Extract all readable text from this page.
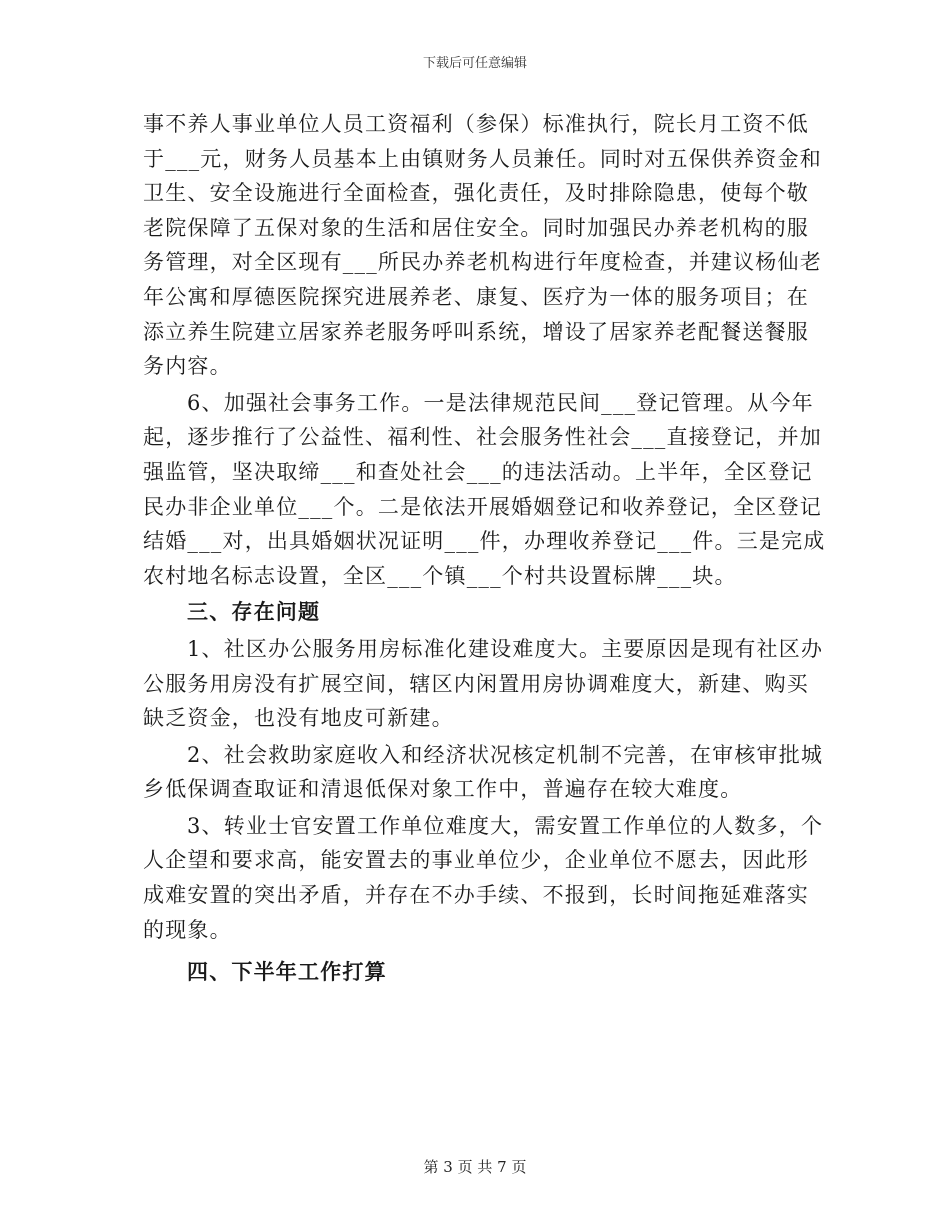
下载后可任意编辑
事不养人事业单位人员工资福利（参保）标准执行，院长月工资不低
于___元，财务人员基本上由镇财务人员兼任。同时对五保供养资金和
卫生、安全设施进行全面检查，强化责任，及时排除隐患，使每个敬
老院保障了五保对象的生活和居住安全。同时加强民办养老机构的服
务管理，对全区现有___所民办养老机构进行年度检查，并建议杨仙老
年公寓和厚德医院探究进展养老、康复、医疗为一体的服务项目；在
添立养生院建立居家养老服务呼叫系统，增设了居家养老配餐送餐服
务内容。
6、加强社会事务工作。一是法律规范民间___登记管理。从今年
起，逐步推行了公益性、福利性、社会服务性社会___直接登记，并加
强监管，坚决取缔___和查处社会___的违法活动。上半年，全区登记
民办非企业单位___个。二是依法开展婚姻登记和收养登记，全区登记
结婚___对，出具婚姻状况证明___件，办理收养登记___件。三是完成
农村地名标志设置，全区___个镇___个村共设置标牌___块。
三、存在问题
1、社区办公服务用房标准化建设难度大。主要原因是现有社区办
公服务用房没有扩展空间，辖区内闲置用房协调难度大，新建、购买
缺乏资金，也没有地皮可新建。
2、社会救助家庭收入和经济状况核定机制不完善，在审核审批城
乡低保调查取证和清退低保对象工作中，普遍存在较大难度。
3、转业士官安置工作单位难度大，需安置工作单位的人数多，个
人企望和要求高，能安置去的事业单位少，企业单位不愿去，因此形
成难安置的突出矛盾，并存在不办手续、不报到，长时间拖延难落实
的现象。
四、下半年工作打算
第 3 页 共 7 页
